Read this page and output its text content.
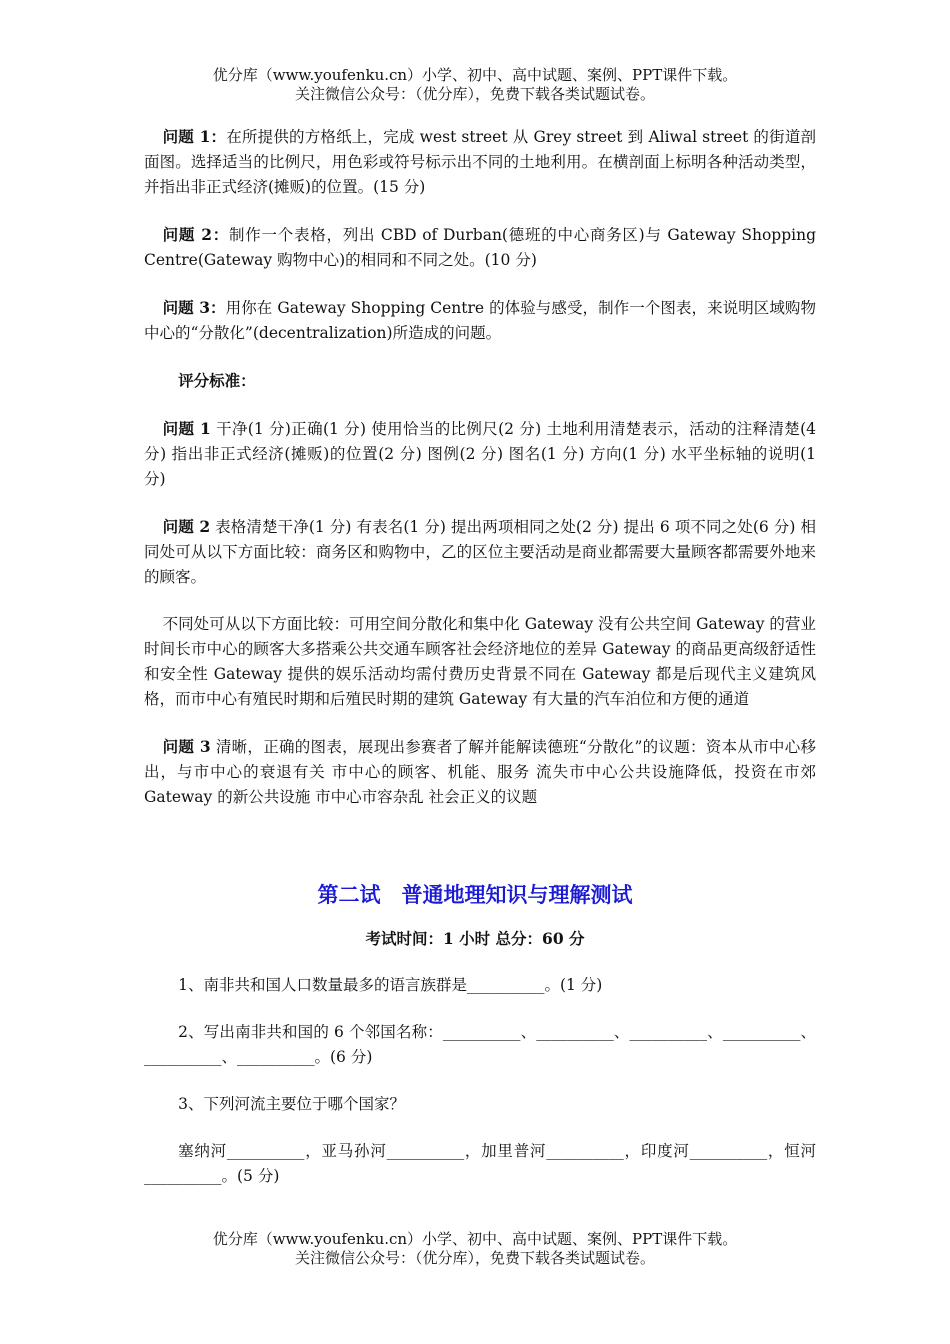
优分库（www.youfenku.cn）小学、初中、高中试题、案例、PPT课件下载。
关注微信公众号：（优分库），免费下载各类试题试卷。

问题 1：在所提供的方格纸上，完成 west street 从 Grey street 到 Aliwal street 的街道剖面图。选择适当的比例尺，用色彩或符号标示出不同的土地利用。在横剖面上标明各种活动类型，并指出非正式经济(摊贩)的位置。(15 分)

问题 2：制作一个表格，列出 CBD of Durban(德班的中心商务区)与 Gateway Shopping Centre(Gateway 购物中心)的相同和不同之处。(10 分)

问题 3：用你在 Gateway Shopping Centre 的体验与感受，制作一个图表，来说明区域购物中心的“分散化”(decentralization)所造成的问题。

评分标准：

问题 1 干净(1 分)正确(1 分) 使用恰当的比例尺(2 分) 土地利用清楚表示，活动的注释清楚(4 分) 指出非正式经济(摊贩)的位置(2 分) 图例(2 分) 图名(1 分) 方向(1 分) 水平坐标轴的说明(1 分)

问题 2 表格清楚干净(1 分) 有表名(1 分) 提出两项相同之处(2 分) 提出 6 项不同之处(6 分) 相同处可从以下方面比较：商务区和购物中，乙的区位主要活动是商业都需要大量顾客都需要外地来的顾客。

不同处可从以下方面比较：可用空间分散化和集中化 Gateway 没有公共空间 Gateway 的营业时间长市中心的顾客大多搭乘公共交通车顾客社会经济地位的差异 Gateway 的商品更高级舒适性和安全性 Gateway 提供的娱乐活动均需付费历史背景不同在 Gateway 都是后现代主义建筑风格，而市中心有殖民时期和后殖民时期的建筑 Gateway 有大量的汽车泊位和方便的通道

问题 3 清晰，正确的图表，展现出参赛者了解并能解读德班“分散化”的议题：资本从市中心移出，与市中心的衰退有关 市中心的顾客、机能、服务 流失市中心公共设施降低，投资在市郊 Gateway 的新公共设施 市中心市容杂乱 社会正义的议题

第二试　普通地理知识与理解测试
考试时间：1 小时 总分：60 分

1、南非共和国人口数量最多的语言族群是__________。(1 分)

2、写出南非共和国的 6 个邻国名称：__________、__________、__________、__________、__________、__________。(6 分)

3、下列河流主要位于哪个国家？

塞纳河__________，亚马孙河__________，加里普河__________，印度河__________，恒河__________。(5 分)

优分库（www.youfenku.cn）小学、初中、高中试题、案例、PPT课件下载。
关注微信公众号：（优分库），免费下载各类试题试卷。
